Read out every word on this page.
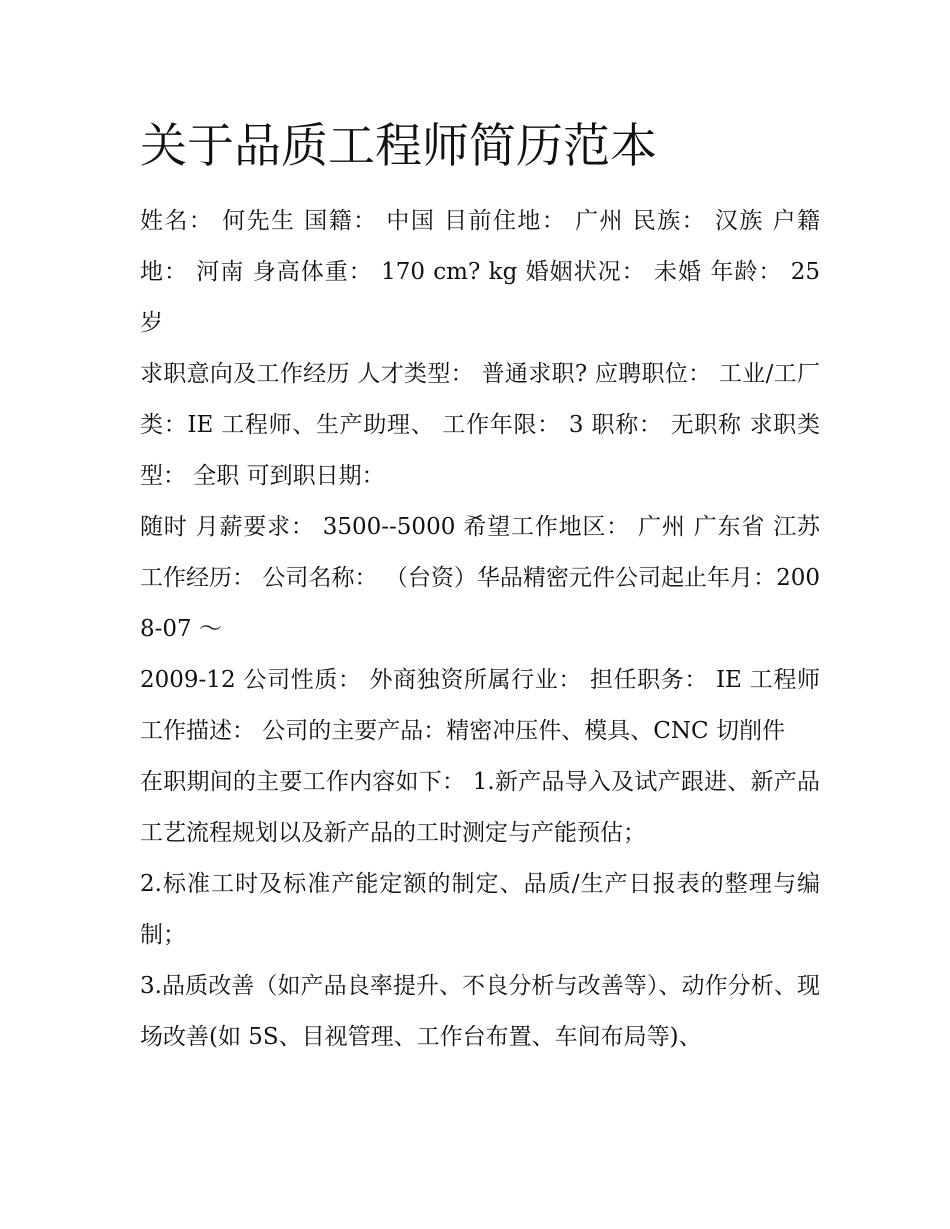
关于品质工程师简历范本

姓名： 何先生 国籍： 中国 目前住地： 广州 民族： 汉族 户籍 地： 河南 身高体重： 170 cm? kg 婚姻状况： 未婚 年龄： 25 岁

求职意向及工作经历 人才类型： 普通求职? 应聘职位： 工业/工厂类：IE 工程师、生产助理、 工作年限： 3 职称： 无职称 求职类型： 全职 可到职日期：

随时 月薪要求： 3500--5000 希望工作地区： 广州 广东省 江苏 工作经历： 公司名称： （台资）华品精密元件公司起止年月：2008-07 ～

2009-12 公司性质： 外商独资所属行业： 担任职务： IE 工程师 工作描述： 公司的主要产品：精密冲压件、模具、CNC 切削件

在职期间的主要工作内容如下： 1.新产品导入及试产跟进、新产品工艺流程规划以及新产品的工时测定与产能预估；

2.标准工时及标准产能定额的制定、品质/生产日报表的整理与编制；

3.品质改善（如产品良率提升、不良分析与改善等）、动作分析、现场改善(如 5S、目视管理、工作台布置、车间布局等)、
